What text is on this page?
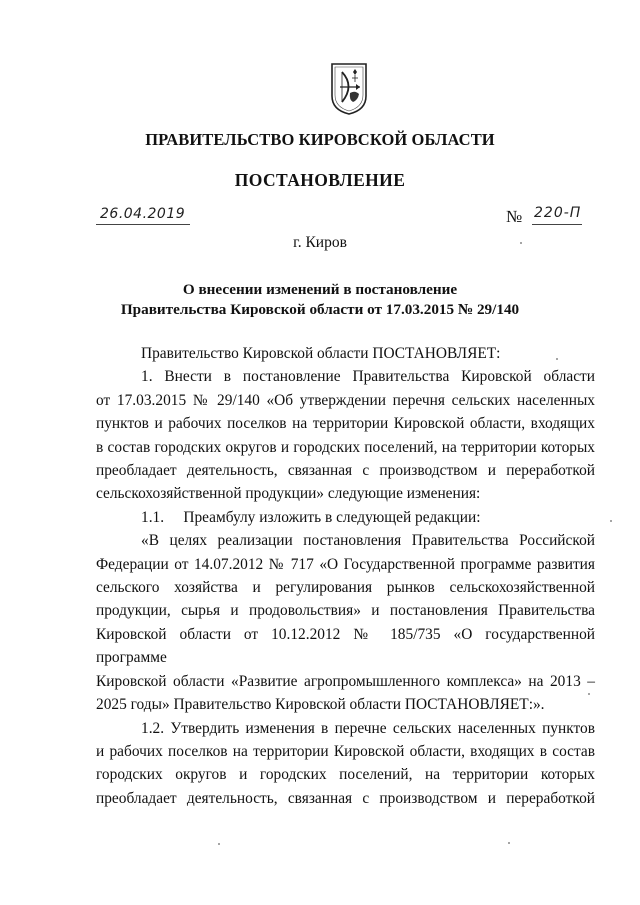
ПРАВИТЕЛЬСТВО КИРОВСКОЙ ОБЛАСТИ
ПОСТАНОВЛЕНИЕ
26.04.2019	№ 220-П
г. Киров
О внесении изменений в постановление
Правительства Кировской области от 17.03.2015 № 29/140

Правительство Кировской области ПОСТАНОВЛЯЕТ:

1. Внести в постановление Правительства Кировской области

от 17.03.2015 № 29/140 «Об утверждении перечня сельских населенных

пунктов и рабочих поселков на территории Кировской области, входящих

в состав городских округов и городских поселений, на территории которых

преобладает деятельность, связанная с производством и переработкой

сельскохозяйственной продукции» следующие изменения:

1.1.     Преамбулу изложить в следующей редакции:

«В целях реализации постановления Правительства Российской

Федерации от 14.07.2012 № 717 «О Государственной программе развития

сельского хозяйства и регулирования рынков сельскохозяйственной

продукции, сырья и продовольствия» и постановления Правительства

Кировской области от 10.12.2012 № 185/735 «О государственной программе

Кировской области «Развитие агропромышленного комплекса» на 2013 –

2025 годы» Правительство Кировской области ПОСТАНОВЛЯЕТ:».

1.2. Утвердить изменения в перечне сельских населенных пунктов

и рабочих поселков на территории Кировской области, входящих в состав

городских округов и городских поселений, на территории которых

преобладает деятельность, связанная с производством и переработкой
